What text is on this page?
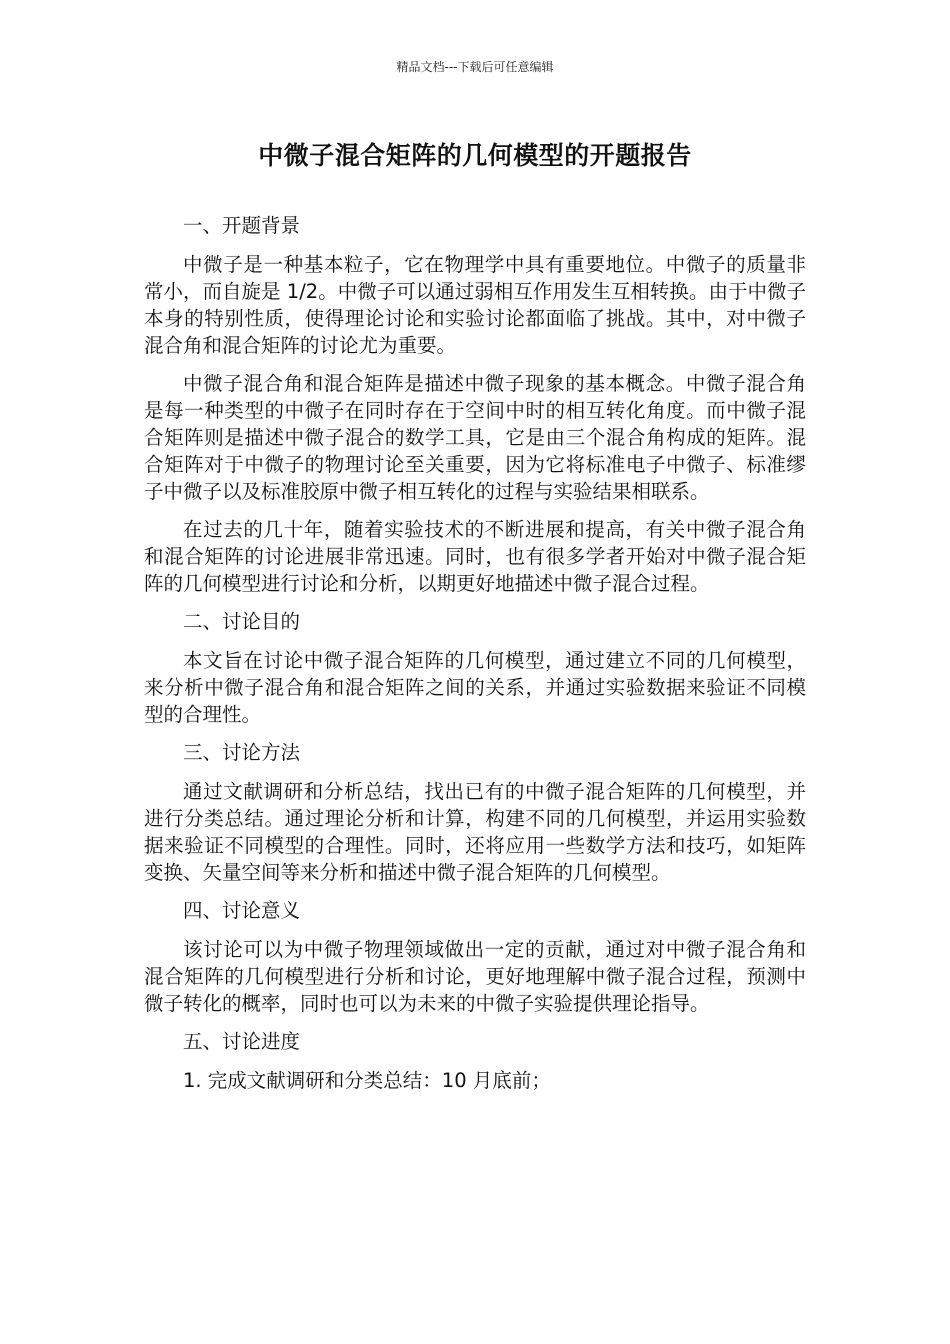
精品文档---下载后可任意编辑
中微子混合矩阵的几何模型的开题报告

一、开题背景

中微子是一种基本粒子，它在物理学中具有重要地位。中微子的质量非常小，而自旋是 1/2。中微子可以通过弱相互作用发生互相转换。由于中微子本身的特别性质，使得理论讨论和实验讨论都面临了挑战。其中，对中微子混合角和混合矩阵的讨论尤为重要。

中微子混合角和混合矩阵是描述中微子现象的基本概念。中微子混合角是每一种类型的中微子在同时存在于空间中时的相互转化角度。而中微子混合矩阵则是描述中微子混合的数学工具，它是由三个混合角构成的矩阵。混合矩阵对于中微子的物理讨论至关重要，因为它将标准电子中微子、标准缪子中微子以及标准胶原中微子相互转化的过程与实验结果相联系。

在过去的几十年，随着实验技术的不断进展和提高，有关中微子混合角和混合矩阵的讨论进展非常迅速。同时，也有很多学者开始对中微子混合矩阵的几何模型进行讨论和分析，以期更好地描述中微子混合过程。

二、讨论目的

本文旨在讨论中微子混合矩阵的几何模型，通过建立不同的几何模型，来分析中微子混合角和混合矩阵之间的关系，并通过实验数据来验证不同模型的合理性。

三、讨论方法

通过文献调研和分析总结，找出已有的中微子混合矩阵的几何模型，并进行分类总结。通过理论分析和计算，构建不同的几何模型，并运用实验数据来验证不同模型的合理性。同时，还将应用一些数学方法和技巧，如矩阵变换、矢量空间等来分析和描述中微子混合矩阵的几何模型。

四、讨论意义

该讨论可以为中微子物理领域做出一定的贡献，通过对中微子混合角和混合矩阵的几何模型进行分析和讨论，更好地理解中微子混合过程，预测中微子转化的概率，同时也可以为未来的中微子实验提供理论指导。

五、讨论进度

1. 完成文献调研和分类总结：10 月底前；
